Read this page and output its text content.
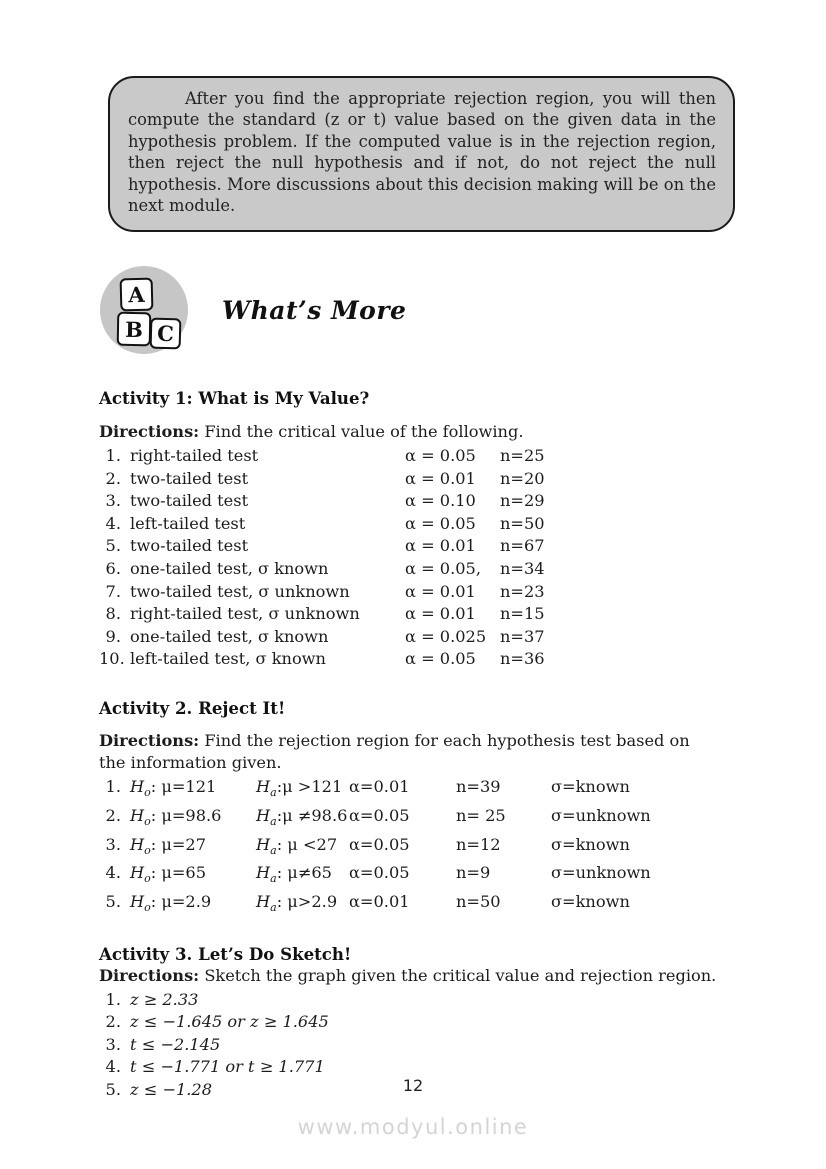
After you find the appropriate rejection region, you will then compute the standard (z or t) value based on the given data in the hypothesis problem. If the computed value is in the rejection region, then reject the null hypothesis and if not, do not reject the null hypothesis. More discussions about this decision making will be on the next module.

A
B C
What’s More
Activity 1: What is My Value?

Directions: Find the critical value of the following.

1. right-tailed test	α = 0.05	n=25
2. two-tailed test	α = 0.01	n=20
3. two-tailed test	α = 0.10	n=29
4. left-tailed test	α = 0.05	n=50
5. two-tailed test	α = 0.01	n=67
6. one-tailed test, σ known	α = 0.05,	n=34
7. two-tailed test, σ unknown	α = 0.01	n=23
8. right-tailed test, σ unknown	α = 0.01	n=15
9. one-tailed test, σ known	α = 0.025 n=37
10. left-tailed test, σ known	α = 0.05	n=36
Activity 2. Reject It!

Directions: Find the rejection region for each hypothesis test based on the information given.

1. $H_o$: μ=121	$H_a:\mu >121$ α=0.01	n=39	σ=known
2. $H_o$: μ=98.6	$H_a:\mu \ne 98.6$ α=0.05	n= 25	σ=unknown
3. $H_o$: μ=27	$H_a$: μ <27 α=0.05	n=12	σ=known
4. $H_o$: μ=65	$H_a$: μ≠65	α=0.05	n=9	σ=unknown
5. $H_o$: μ=2.9	$H_a$: μ>2.9 α=0.01	n=50	σ=known
Activity 3. Let’s Do Sketch!

Directions: Sketch the graph given the critical value and rejection region.

1. z ≥ 2.33
2. z ≤ −1.645 or z ≥ 1.645
3. t ≤ −2.145
4. t ≤ −1.771 or t ≥ 1.771
5. z ≤ −1.28	12
www.modyul.online
